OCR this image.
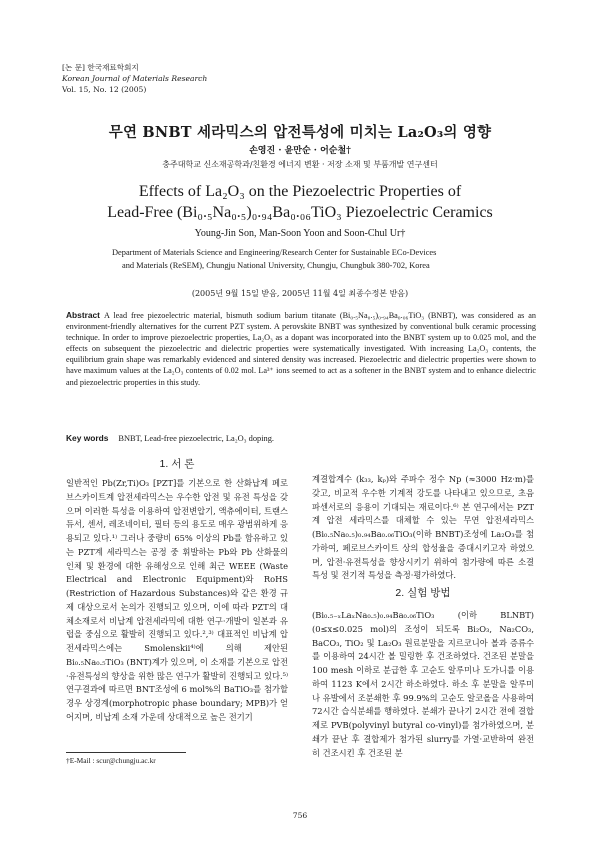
[논 문] 한국재료학회지
Korean Journal of Materials Research
Vol. 15, No. 12 (2005)
무연 BNBT 세라믹스의 압전특성에 미치는 La₂O₃의 영향
손영진 · 윤만순 · 어순철†
충주대학교 신소재공학과/친환경 에너지 변환 · 저장 소재 및 부품개발 연구센터
Effects of La₂O₃ on the Piezoelectric Properties of
Lead-Free (Bi₀.₅Na₀.₅)₀.₉₄Ba₀.₀₆TiO₃ Piezoelectric Ceramics
Young-Jin Son, Man-Soon Yoon and Soon-Chul Ur†
Department of Materials Science and Engineering/Research Center for Sustainable ECo-Devices
and Materials (ReSEM), Chungju National University, Chungju, Chungbuk 380-702, Korea
(2005년 9월 15일 받음, 2005년 11월 4일 최종수정본 받음)
Abstract A lead free piezoelectric material, bismuth sodium barium titanate (Bi₀.₅Na₀.₅)₀.₉₄Ba₀.₀₆TiO₃ (BNBT), was considered as an environment-friendly alternatives for the current PZT system. A perovskite BNBT was synthesized by conventional bulk ceramic processing technique. In order to improve piezoelectric properties, La₂O₃ as a dopant was incorporated into the BNBT system up to 0.025 mol, and the effects on subsequent the piezoelectric and dielectric properties were systematically investigated. With increasing La₂O₃ contents, the equilibrium grain shape was remarkably evidenced and sintered density was increased. Piezoelectric and dielectric properties were shown to have maximum values at the La₂O₃ contents of 0.02 mol. La³⁺ ions seemed to act as a softener in the BNBT system and to enhance dielectric and piezoelectric properties in this study.
Key words BNBT, Lead-free piezoelectric, La₂O₃ doping.
1. 서 론
일반적인 Pb(Zr,Ti)O₃ [PZT]를 기본으로 한 산화납계 페로브스카이트계 압전세라믹스는 우수한 압전 및 유전 특성을 갖으며 이러한 특성을 이용하여 압전변압기, 액츄에이터, 트랜스듀서, 센서, 레조네이터, 필터 등의 용도로 매우 광범위하게 응용되고 있다.¹⁾ 그러나 중량비 65% 이상의 Pb를 함유하고 있는 PZT계 세라믹스는 공정 중 휘발하는 Pb와 Pb 산화물의 인체 및 환경에 대한 유해성으로 인해 최근 WEEE (Waste Electrical and Electronic Equipment)와 RoHS (Restriction of Hazardous Substances)와 같은 환경 규제 대상으로서 논의가 진행되고 있으며, 이에 따라 PZT의 대체소재로서 비납계 압전세라믹에 대한 연구·개발이 일본과 유럽을 중심으로 활발히 진행되고 있다.²,³⁾ 대표적인 비납계 압전세라믹스에는 Smolenskii⁴⁾에 의해 제안된 Bi₀.₅Na₀.₅TiO₃ (BNT)계가 있으며, 이 소재를 기본으로 압전·유전특성의 향상을 위한 많은 연구가 활발히 진행되고 있다.⁵⁾ 연구결과에 따르면 BNT조성에 6 mol%의 BaTiO₃를 첨가할 경우 상경계(morphotropic phase boundary; MPB)가 얻어지며, 비납계 소재 가운데 상대적으로 높은 전기기
계결합계수 (k₃₃, kₚ)와 주파수 정수 Np (≈3000 Hz·m)를 갖고, 비교적 우수한 기계적 강도를 나타내고 있으므로, 초음파센서로의 응용이 기대되는 재료이다.⁶⁾ 본 연구에서는 PZT계 압전 세라믹스를 대체할 수 있는 무연 압전세라믹스 (Bi₀.₅Na₀.₅)₀.₉₄Ba₀.₀₆TiO₃(이하 BNBT)조성에 La₂O₃를 첨가하여, 페로브스카이트 상의 합성율을 증대시키고자 하였으며, 압전·유전특성을 향상시키기 위하여 첨가량에 따른 소결 특성 및 전기적 특성을 측정·평가하였다.
2. 실험 방법
(Bi₀.₅₋ₓLaₓNa₀.₅)₀.₉₄Ba₀.₀₆TiO₃ (이하 BLNBT) (0≤x≤0.025 mol)의 조성이 되도록 Bi₂O₃, Na₂CO₃, BaCO₃, TiO₂ 및 La₂O₃ 원료분말을 지르코니아 볼과 증류수를 이용하여 24시간 볼 밀링한 후 건조하였다. 건조된 분말을 100 mesh 이하로 분급한 후 고순도 알루미나 도가니를 이용하여 1123 K에서 2시간 하소하였다. 하소 후 분말을 알루미나 유발에서 조분쇄한 후 99.9%의 고순도 알코올을 사용하여 72시간 습식분쇄를 행하였다. 분쇄가 끝나기 2시간 전에 결합제로 PVB(polyvinyl butyral co-vinyl)를 첨가하였으며, 분쇄가 끝난 후 결합제가 첨가된 slurry를 가열·교반하여 완전히 건조시킨 후 건조된 분
†E-Mail : scur@chungju.ac.kr
756
